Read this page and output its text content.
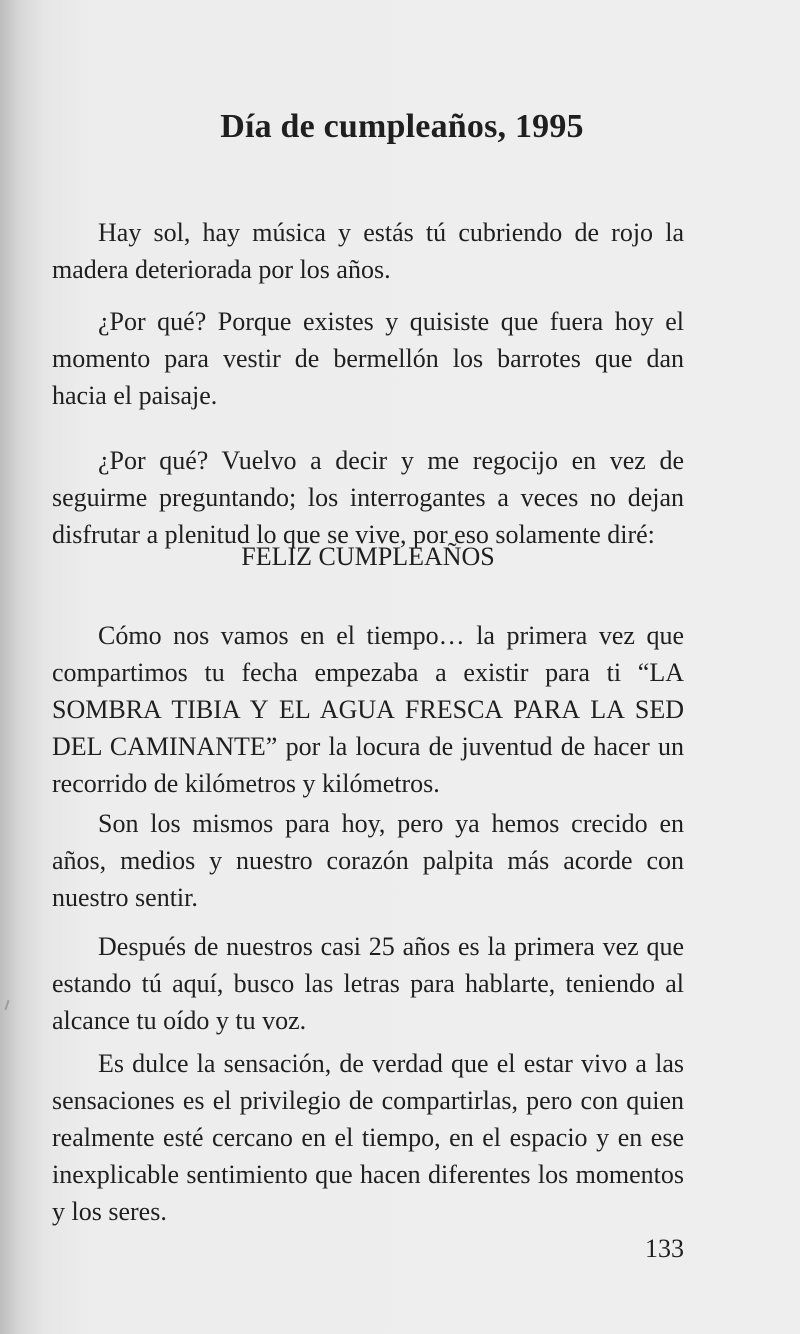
Día de cumpleaños, 1995

Hay sol, hay música y estás tú cubriendo de rojo la madera deteriorada por los años.

¿Por qué? Porque existes y quisiste que fuera hoy el momento para vestir de bermellón los barrotes que dan hacia el paisaje.

¿Por qué? Vuelvo a decir y me regocijo en vez de seguirme preguntando; los interrogantes a veces no dejan disfrutar a plenitud lo que se vive, por eso solamente diré:

FELIZ CUMPLEAÑOS

Cómo nos vamos en el tiempo… la primera vez que compartimos tu fecha empezaba a existir para ti “LA SOMBRA TIBIA Y EL AGUA FRESCA PARA LA SED DEL CAMINANTE” por la locura de juventud de hacer un recorrido de kilómetros y kilómetros.

Son los mismos para hoy, pero ya hemos crecido en años, medios y nuestro corazón palpita más acorde con nuestro sentir.

Después de nuestros casi 25 años es la primera vez que estando tú aquí, busco las letras para hablarte, teniendo al alcance tu oído y tu voz.

Es dulce la sensación, de verdad que el estar vivo a las sensaciones es el privilegio de compartirlas, pero con quien realmente esté cercano en el tiempo, en el espacio y en ese inexplicable sentimiento que hacen diferentes los momentos y los seres.

133
